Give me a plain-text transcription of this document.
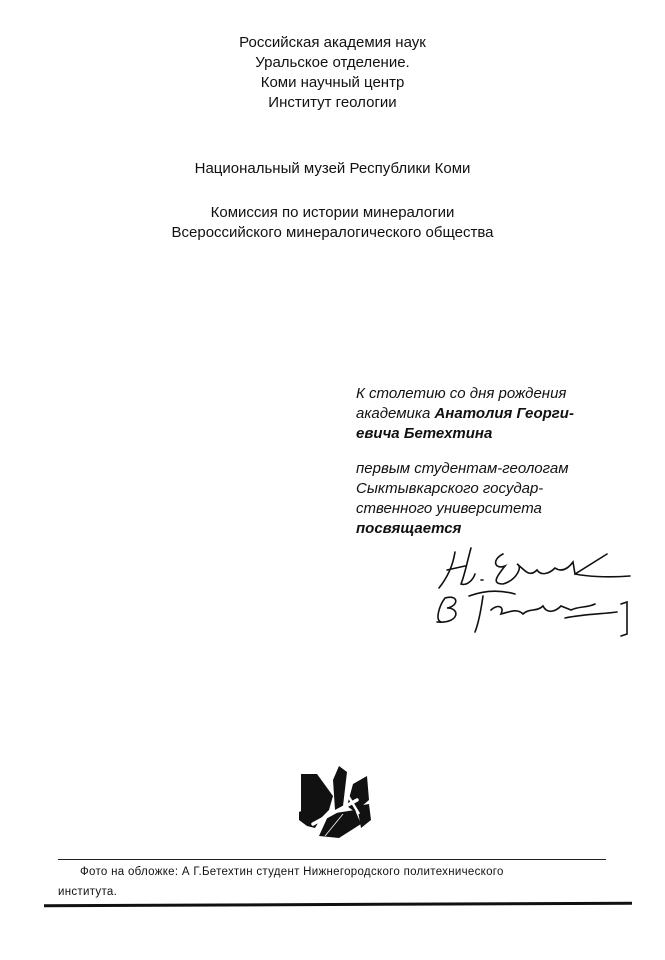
Российская академия наук
Уральское отделение.
Коми научный центр
Институт геологии
Национальный музей Республики Коми
Комиссия по истории минералогии
Всероссийского минералогического общества
К столетию со дня рождения
академика Анатолия Георги-
евича Бетехтина
первым студентам-геологам
Сыктывкарского государ-
ственного университета
посвящается
Фото на обложке: А Г.Бетехтин студент Нижнегородского политехнического
института.
